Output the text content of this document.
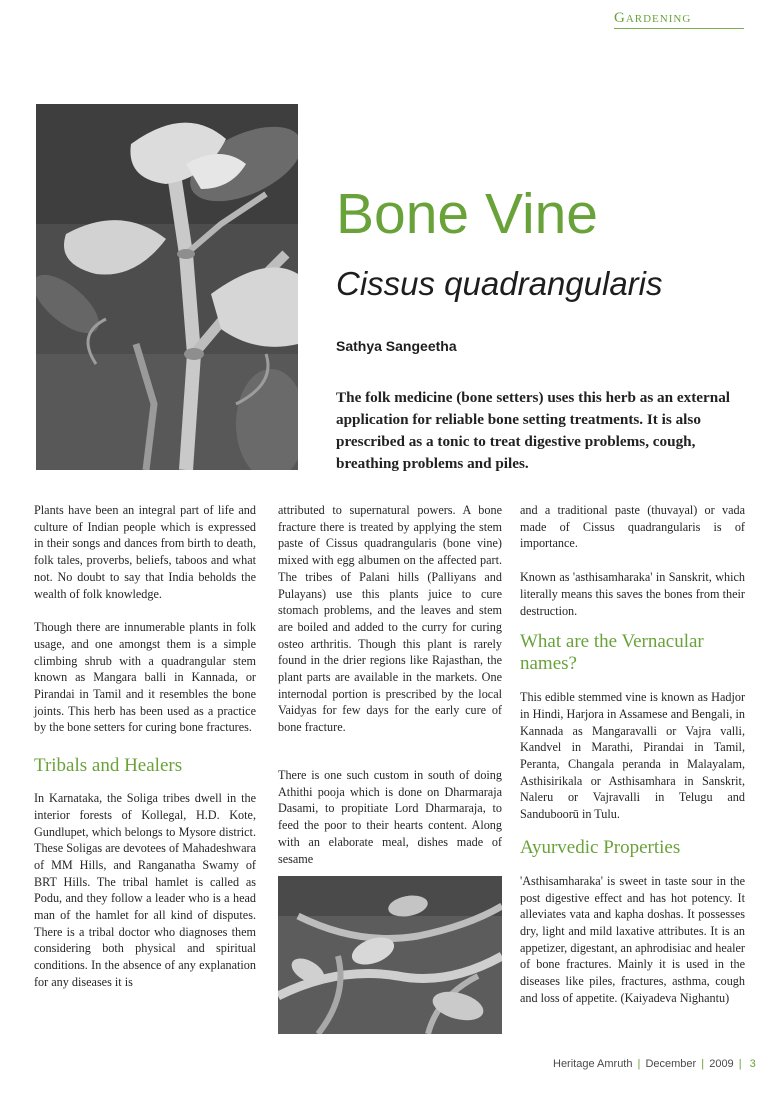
Gardening
Bone Vine
Cissus quadrangularis
Sathya Sangeetha
The folk medicine (bone setters) uses this herb as an external application for reliable bone setting treatments. It is also prescribed as a tonic to treat digestive problems, cough, breathing problems and piles.

Plants have been an integral part of life and culture of Indian people which is expressed in their songs and dances from birth to death, folk tales, proverbs, beliefs, taboos and what not. No doubt to say that India beholds the wealth of folk knowledge.

Though there are innumerable plants in folk usage, and one amongst them is a simple climbing shrub with a quadrangular stem known as Mangara balli in Kannada, or Pirandai in Tamil and it resembles the bone joints. This herb has been used as a practice by the bone setters for curing bone fractures.

Tribals and Healers

In Karnataka, the Soliga tribes dwell in the interior forests of Kollegal, H.D. Kote, Gundlupet, which belongs to Mysore district. These Soligas are devotees of Mahadeshwara of MM Hills, and Ranganatha Swamy of BRT Hills. The tribal hamlet is called as Podu, and they follow a leader who is a head man of the hamlet for all kind of disputes. There is a tribal doctor who diagnoses them considering both physical and spiritual conditions. In the absence of any explanation for any diseases it is

attributed to supernatural powers. A bone fracture there is treated by applying the stem paste of Cissus quadrangularis (bone vine) mixed with egg albumen on the affected part. The tribes of Palani hills (Palliyans and Pulayans) use this plants juice to cure stomach problems, and the leaves and stem are boiled and added to the curry for curing osteo arthritis. Though this plant is rarely found in the drier regions like Rajasthan, the plant parts are available in the markets. One internodal portion is prescribed by the local Vaidyas for few days for the early cure of bone fracture.

There is one such custom in south of doing Athithi pooja which is done on Dharmaraja Dasami, to propitiate Lord Dharmaraja, to feed the poor to their hearts content. Along with an elaborate meal, dishes made of sesame

and a traditional paste (thuvayal) or vada made of Cissus quadrangularis is of importance.

Known as 'asthisamharaka' in Sanskrit, which literally means this saves the bones from their destruction.

What are the Vernacular names?

This edible stemmed vine is known as Hadjor in Hindi, Harjora in Assamese and Bengali, in Kannada as Mangaravalli or Vajra valli, Kandvel in Marathi, Pirandai in Tamil, Peranta, Changala peranda in Malayalam, Asthisirikala or Asthisamhara in Sanskrit, Naleru or Vajravalli in Telugu and Sanduboorū in Tulu.

Ayurvedic Properties

'Asthisamharaka' is sweet in taste sour in the post digestive effect and has hot potency. It alleviates vata and kapha doshas. It possesses dry, light and mild laxative attributes. It is an appetizer, digestant, an aphrodisiac and healer of bone fractures. Mainly it is used in the diseases like piles, fractures, asthma, cough and loss of appetite. (Kaiyadeva Nighantu)

Heritage Amruth | December | 2009 | 3
